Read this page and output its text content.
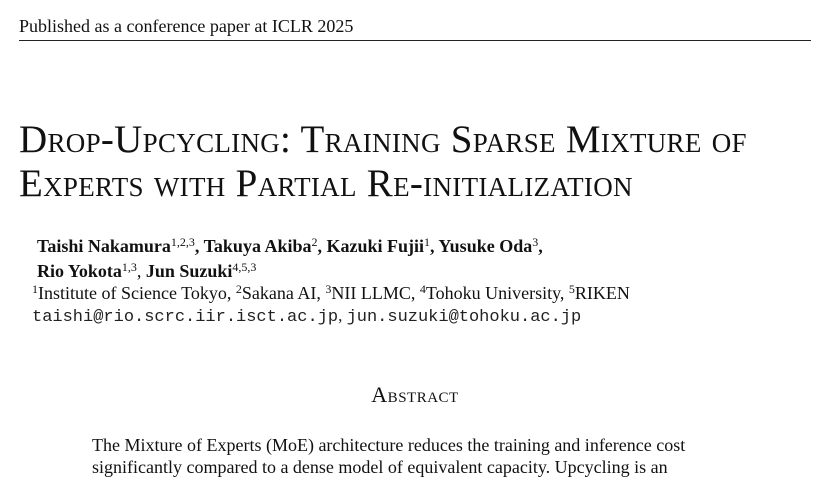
Published as a conference paper at ICLR 2025
Drop-Upcycling: Training Sparse Mixture of
Experts with Partial Re-initialization
Taishi Nakamura$^{1,2,3}$, Takuya Akiba$^2$, Kazuki Fujii$^1$, Yusuke Oda$^3$,
Rio Yokota$^{1,3}$, Jun Suzuki$^{4,5,3}$
$^1$Institute of Science Tokyo, $^2$Sakana AI, $^3$NII LLMC, $^4$Tohoku University, $^5$RIKEN
taishi@rio.scrc.iir.isct.ac.jp, jun.suzuki@tohoku.ac.jp
Abstract
The Mixture of Experts (MoE) architecture reduces the training and inference cost
significantly compared to a dense model of equivalent capacity. Upcycling is an
